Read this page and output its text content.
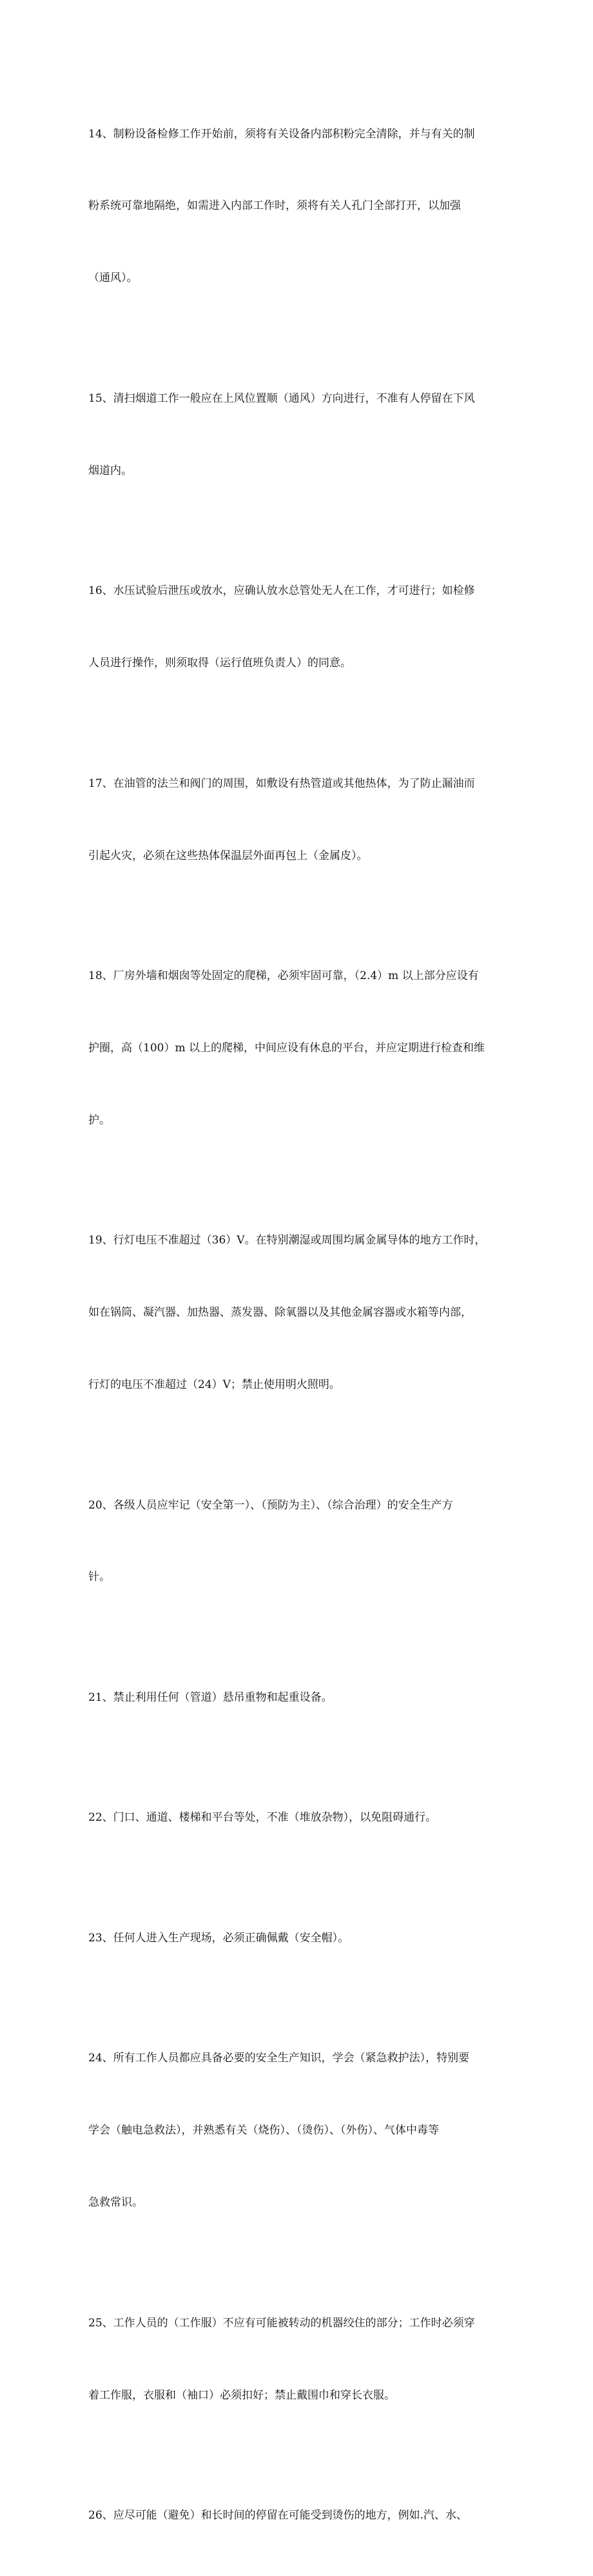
14、制粉设备检修工作开始前，须将有关设备内部积粉完全清除，并与有关的制

粉系统可靠地隔绝，如需进入内部工作时，须将有关人孔门全部打开，以加强

（通风）。

15、清扫烟道工作一般应在上风位置顺（通风）方向进行，不准有人停留在下风

烟道内。

16、水压试验后泄压或放水，应确认放水总管处无人在工作，才可进行；如检修

人员进行操作，则须取得（运行值班负责人）的同意。

17、在油管的法兰和阀门的周围，如敷设有热管道或其他热体，为了防止漏油而

引起火灾，必须在这些热体保温层外面再包上（金属皮）。

18、厂房外墙和烟囱等处固定的爬梯，必须牢固可靠，（2.4）m 以上部分应设有

护圈，高（100）m 以上的爬梯，中间应设有休息的平台，并应定期进行检查和维

护。

19、行灯电压不准超过（36）V。在特别潮湿或周围均属金属导体的地方工作时，

如在锅筒、凝汽器、加热器、蒸发器、除氧器以及其他金属容器或水箱等内部，

行灯的电压不准超过（24）V；禁止使用明火照明。

20、各级人员应牢记（安全第一）、（预防为主）、（综合治理）的安全生产方

针。

21、禁止利用任何（管道）悬吊重物和起重设备。

22、门口、通道、楼梯和平台等处，不准（堆放杂物），以免阻碍通行。

23、任何人进入生产现场，必须正确佩戴（安全帽）。

24、所有工作人员都应具备必要的安全生产知识，学会（紧急救护法），特别要

学会（触电急救法），并熟悉有关（烧伤）、（烫伤）、（外伤）、气体中毒等

急救常识。

25、工作人员的（工作服）不应有可能被转动的机器绞住的部分；工作时必须穿

着工作服，衣服和（袖口）必须扣好；禁止戴围巾和穿长衣服。

26、应尽可能（避免）和长时间的停留在可能受到烫伤的地方，例如.汽、水、
